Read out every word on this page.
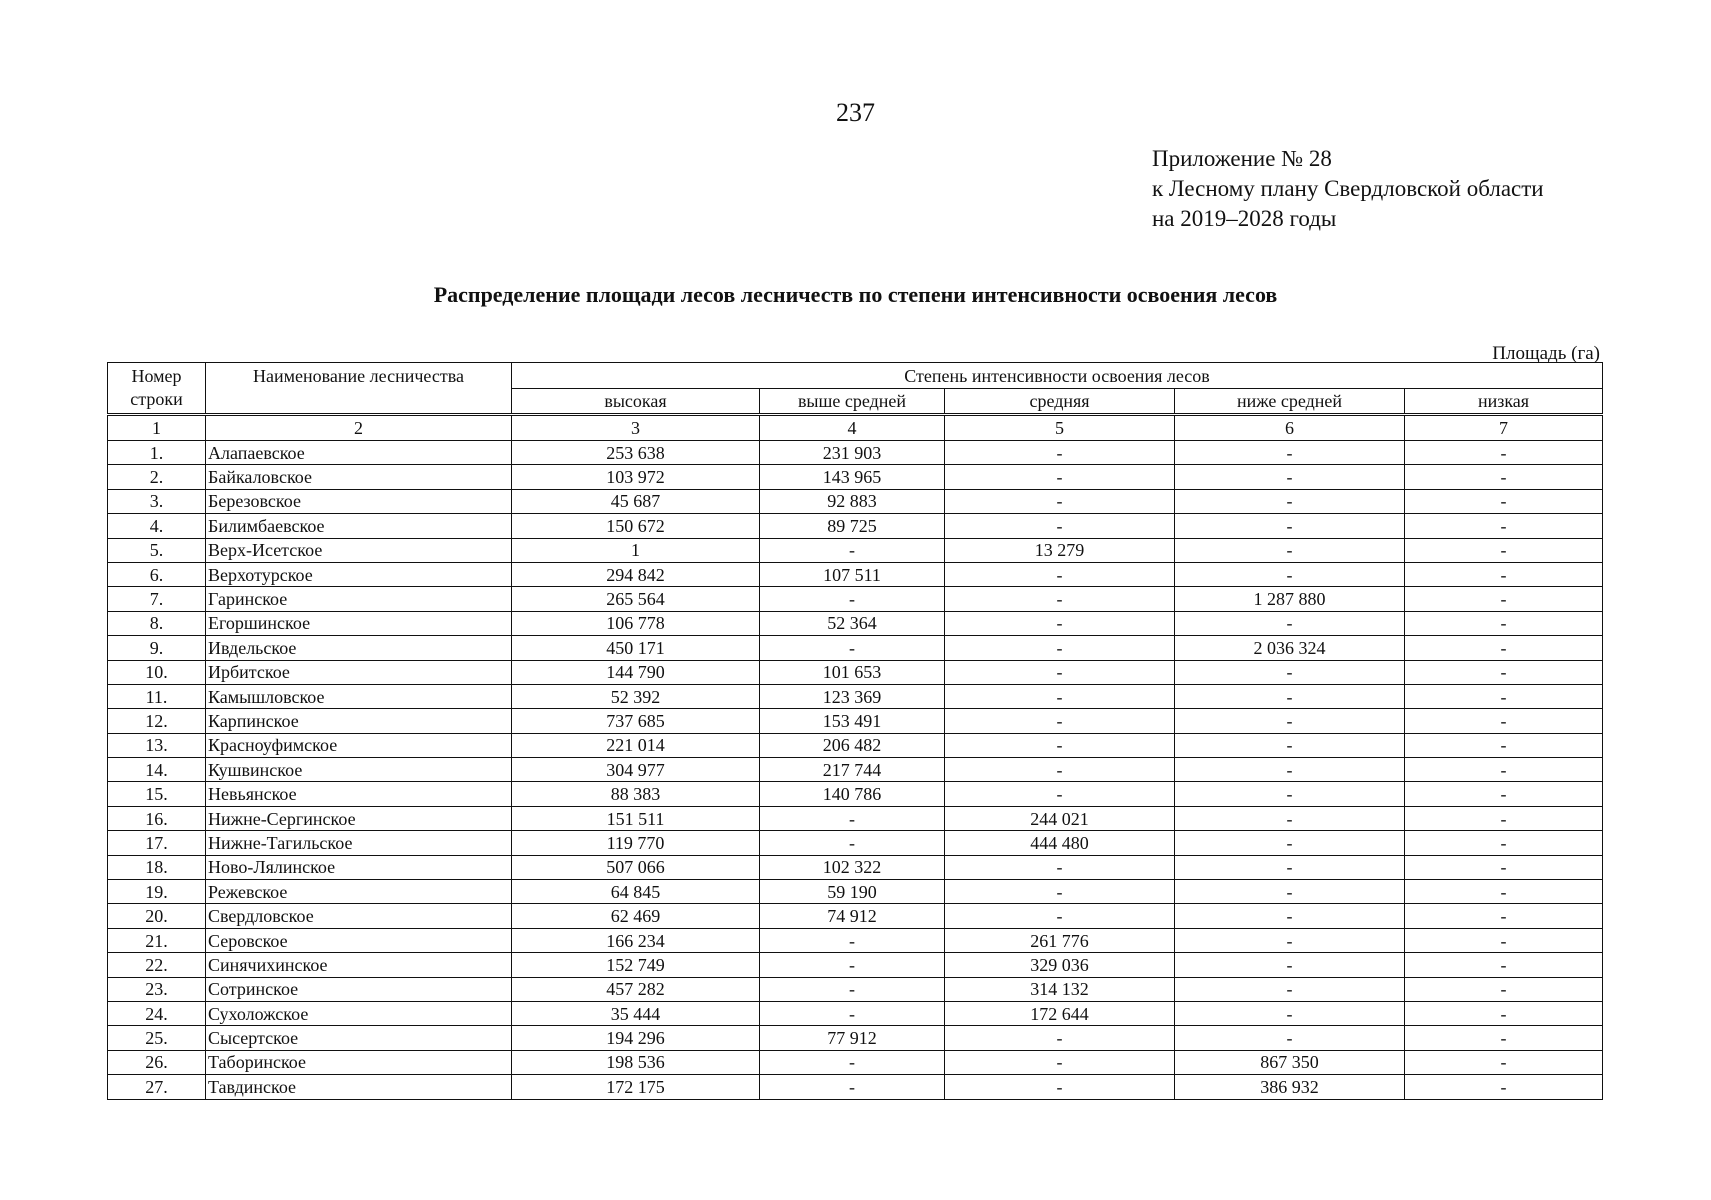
237
Приложение № 28
к Лесному плану Свердловской области
на 2019–2028 годы
Распределение площади лесов лесничеств по степени интенсивности освоения лесов
Площадь (га)
Номер строки	Наименование лесничества	Степень интенсивности освоения лесов				
		высокая	выше средней	средняя	ниже средней	низкая
1	2	3	4	5	6	7
1.	Алапаевское	253 638	231 903	-	-	-
2.	Байкаловское	103 972	143 965	-	-	-
3.	Березовское	45 687	92 883	-	-	-
4.	Билимбаевское	150 672	89 725	-	-	-
5.	Верх-Исетское	1	-	13 279	-	-
6.	Верхотурское	294 842	107 511	-	-	-
7.	Гаринское	265 564	-	-	1 287 880	-
8.	Егоршинское	106 778	52 364	-	-	-
9.	Ивдельское	450 171	-	-	2 036 324	-
10.	Ирбитское	144 790	101 653	-	-	-
11.	Камышловское	52 392	123 369	-	-	-
12.	Карпинское	737 685	153 491	-	-	-
13.	Красноуфимское	221 014	206 482	-	-	-
14.	Кушвинское	304 977	217 744	-	-	-
15.	Невьянское	88 383	140 786	-	-	-
16.	Нижне-Сергинское	151 511	-	244 021	-	-
17.	Нижне-Тагильское	119 770	-	444 480	-	-
18.	Ново-Лялинское	507 066	102 322	-	-	-
19.	Режевское	64 845	59 190	-	-	-
20.	Свердловское	62 469	74 912	-	-	-
21.	Серовское	166 234	-	261 776	-	-
22.	Синячихинское	152 749	-	329 036	-	-
23.	Сотринское	457 282	-	314 132	-	-
24.	Сухоложское	35 444	-	172 644	-	-
25.	Сысертское	194 296	77 912	-	-	-
26.	Таборинское	198 536	-	-	867 350	-
27.	Тавдинское	172 175	-	-	386 932	-
